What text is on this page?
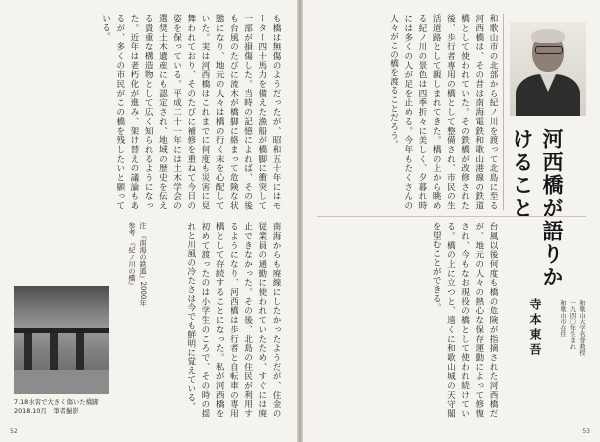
も橋は無傷のようだったが、昭和五十年にはモーター四十馬力を備えた漁船が橋脚に衝突して一部が損傷した。当時の記憶によれば、その後も台風のたびに流木が橋脚に絡まって危険な状態になり、地元の人々は橋の行く末を心配していた。実は河西橋はこれまでに何度も災害に見舞われており、そのたびに補修を重ねて今日の姿を保っている。平成二十一年には土木学会の選奨土木遺産にも認定され、地域の歴史を伝える貴重な構造物として広く知られるようになった。近年は老朽化が進み、架け替えの議論もあるが、多くの市民がこの橋を残したいと願っている。
南海からも廃線にしたかったようだが、住金の従業員の通勤に使われていたため、すぐには廃止できなかった。その後、北島の住民が利用するようになり、河西橋は歩行者と自転車の専用橋として存続することになった。私が河西橋を初めて渡ったのは小学生のころで、その時の揺れと川風の冷たさは今でも鮮明に覚えている。
注　『南海の鉄道』2000年
参考　『紀ノ川の橋』
7.18水害で大きく傷いた橋脚
2018.10月　筆者撮影
52
河西橋が語りかけること
和歌山市の北部から紀ノ川を渡って北島に至る河西橋は、その昔は南海電鉄和歌山港線の鉄道橋として使われていた。その鉄橋が改修された後、歩行者専用の橋として整備され、市民の生活道路として親しまれてきた。橋の上から眺める紀ノ川の景色は四季折々に美しく、夕暮れ時には多くの人が足を止める。今年もたくさんの人々がこの橋を渡ることだろう。
台風以後何度も橋の危険が指摘された河西橋だが、地元の人々の熱心な保存運動によって修復され、今もなお現役の橋として使われ続けている。橋の上に立つと、遠くに和歌山城の天守閣を望むことができる。
寺本東吾	和歌山大学名誉教授
一九四〇年生まれ
和歌山市在住
53
